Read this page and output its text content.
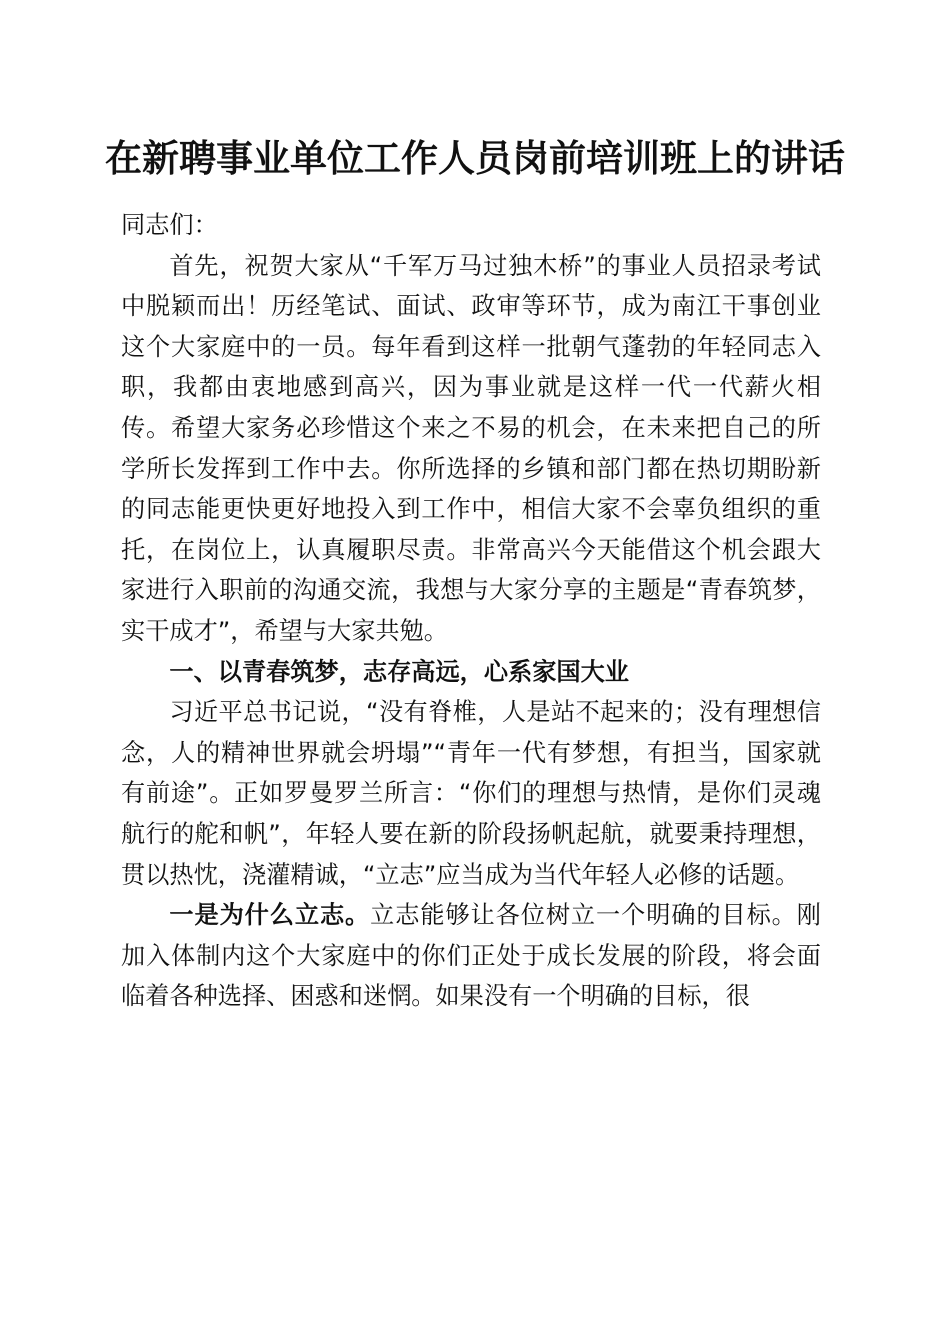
在新聘事业单位工作人员岗前培训班上的讲话

同志们：

首先，祝贺大家从“千军万马过独木桥”的事业人员招录考试中脱颖而出！历经笔试、面试、政审等环节，成为南江干事创业这个大家庭中的一员。每年看到这样一批朝气蓬勃的年轻同志入职，我都由衷地感到高兴，因为事业就是这样一代一代薪火相传。希望大家务必珍惜这个来之不易的机会，在未来把自己的所学所长发挥到工作中去。你所选择的乡镇和部门都在热切期盼新的同志能更快更好地投入到工作中，相信大家不会辜负组织的重托，在岗位上，认真履职尽责。非常高兴今天能借这个机会跟大家进行入职前的沟通交流，我想与大家分享的主题是“青春筑梦，实干成才”，希望与大家共勉。

一、以青春筑梦，志存高远，心系家国大业

习近平总书记说，“没有脊椎，人是站不起来的；没有理想信念，人的精神世界就会坍塌”“青年一代有梦想，有担当，国家就有前途”。正如罗曼罗兰所言：“你们的理想与热情，是你们灵魂航行的舵和帆”，年轻人要在新的阶段扬帆起航，就要秉持理想，贯以热忱，浇灌精诚，“立志”应当成为当代年轻人必修的话题。

一是为什么立志。立志能够让各位树立一个明确的目标。刚加入体制内这个大家庭中的你们正处于成长发展的阶段，将会面临着各种选择、困惑和迷惘。如果没有一个明确的目标，很
